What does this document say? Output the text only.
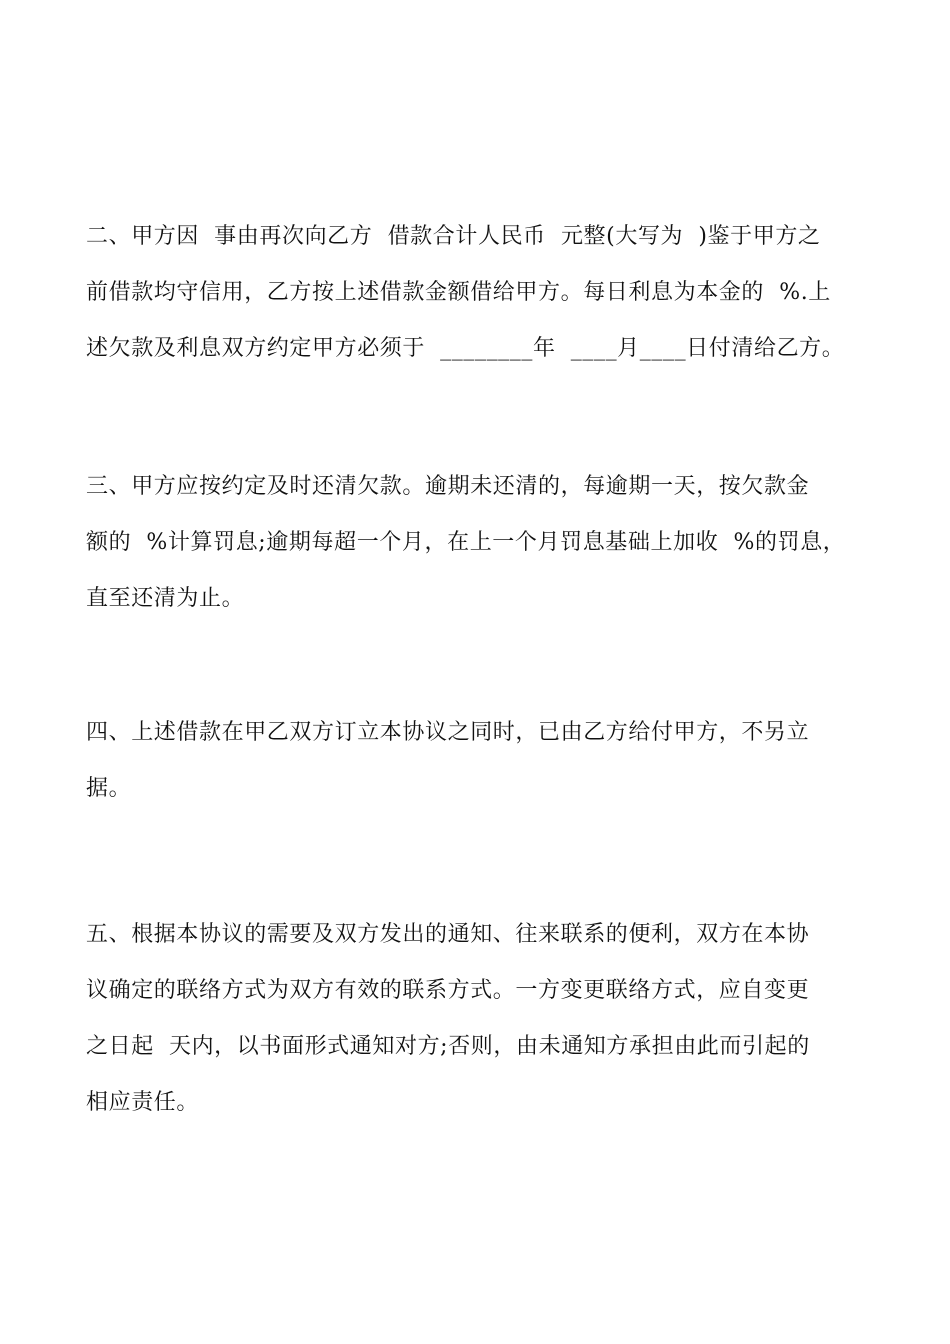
二、甲方因  事由再次向乙方  借款合计人民币  元整(大写为  )鉴于甲方之
前借款均守信用，乙方按上述借款金额借给甲方。每日利息为本金的  %.上
述欠款及利息双方约定甲方必须于  ________年  ____月____日付清给乙方。
三、甲方应按约定及时还清欠款。逾期未还清的，每逾期一天，按欠款金
额的  %计算罚息;逾期每超一个月，在上一个月罚息基础上加收  %的罚息，
直至还清为止。
四、上述借款在甲乙双方订立本协议之同时，已由乙方给付甲方，不另立
据。
五、根据本协议的需要及双方发出的通知、往来联系的便利，双方在本协
议确定的联络方式为双方有效的联系方式。一方变更联络方式，应自变更
之日起  天内，以书面形式通知对方;否则，由未通知方承担由此而引起的
相应责任。
